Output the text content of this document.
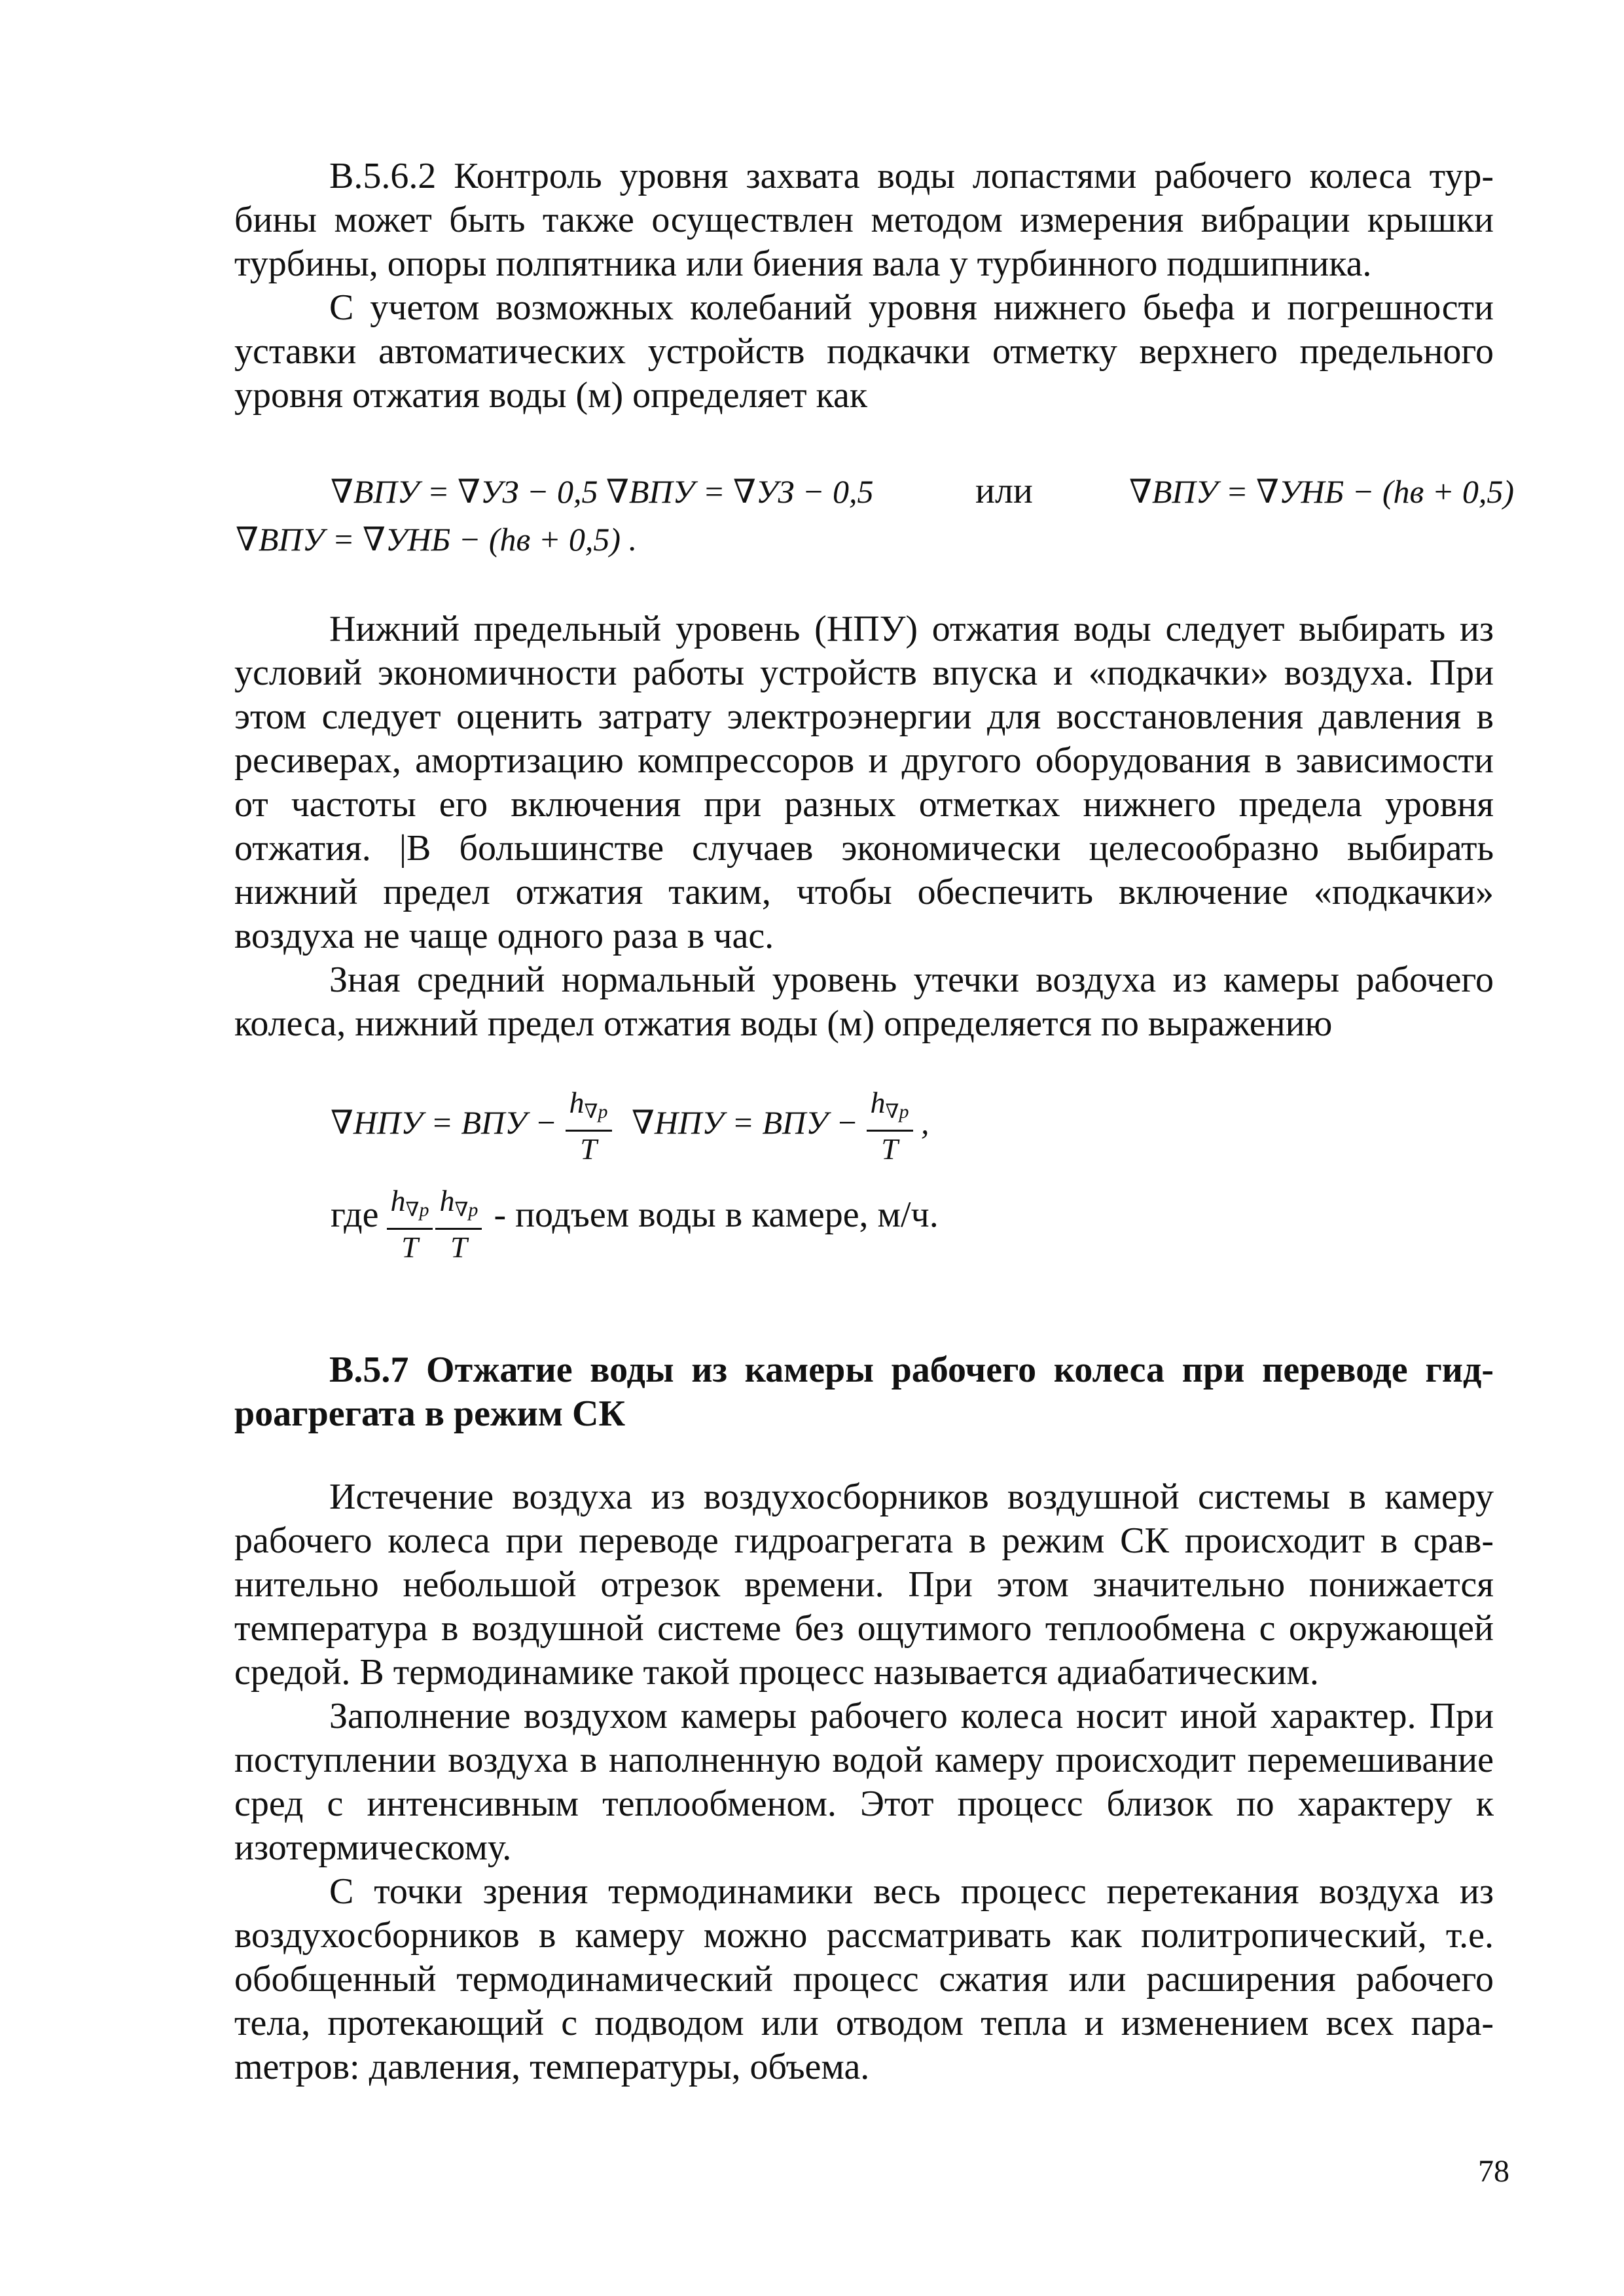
В.5.6.2 Контроль уровня захвата воды лопастями рабочего колеса турбины может быть также осуществлен методом измерения вибрации крышки турбины, опоры полпятника или биения вала у турбинного подшипника.

С учетом возможных колебаний уровня нижнего бьефа и погрешности уставки автоматических устройств подкачки отметку верхнего предельного уровня отжатия воды (м) определяет как

∇ВПУ = ∇УЗ − 0,5 ∇ВПУ = ∇УЗ − 0,5	или	∇ВПУ = ∇УНБ − (hв + 0,5)
∇ВПУ = ∇УНБ − (hв + 0,5) .

Нижний предельный уровень (НПУ) отжатия воды следует выбирать из условий экономичности работы устройств впуска и «подкачки» воздуха. При этом следует оценить затрату электроэнергии для восстановления давления в ресиверах, амортизацию компрессоров и другого оборудования в зависимости от частоты его включения при разных отметках нижнего предела уровня отжатия. |В большинстве случаев экономически целесообразно выбирать нижний предел отжатия таким, чтобы обеспечить включение «подкачки» воздуха не чаще одного раза в час.

Зная средний нормальный уровень утечки воздуха из камеры рабочего колеса, нижний предел отжатия воды (м) определяется по выражению

∇НПУ = ВПУ − $\frac{h_{\nabla p}}{T} \nabla НПУ$ = ВПУ − $\frac{h_{\nabla p}}{T}$ ,
где $\frac{h_{\nabla p}}{T}$
$\frac{h_{\nabla p}}{T}$ - подъем воды в камере, м/ч.

В.5.7 Отжатие воды из камеры рабочего колеса при переводе гидроагрегата в режим СК

Истечение воздуха из воздухосборников воздушной системы в камеру рабочего колеса при переводе гидроагрегата в режим СК происходит в сравнительно небольшой отрезок времени. При этом значительно понижается температура в воздушной системе без ощутимого теплообмена с окружающей средой. В термодинамике такой процесс называется адиабатическим.

Заполнение воздухом камеры рабочего колеса носит иной характер. При поступлении воздуха в наполненную водой камеру происходит перемешивание сред с интенсивным теплообменом. Этот процесс близок по характеру к изотермическому.

С точки зрения термодинамики весь процесс перетекания воздуха из воздухосборников в камеру можно рассматривать как политропический, т.е. обобщенный термодинамический процесс сжатия или расширения рабочего тела, протекающий с подводом или отводом тепла и изменением всех параmетров: давления, температуры, объема.

78
